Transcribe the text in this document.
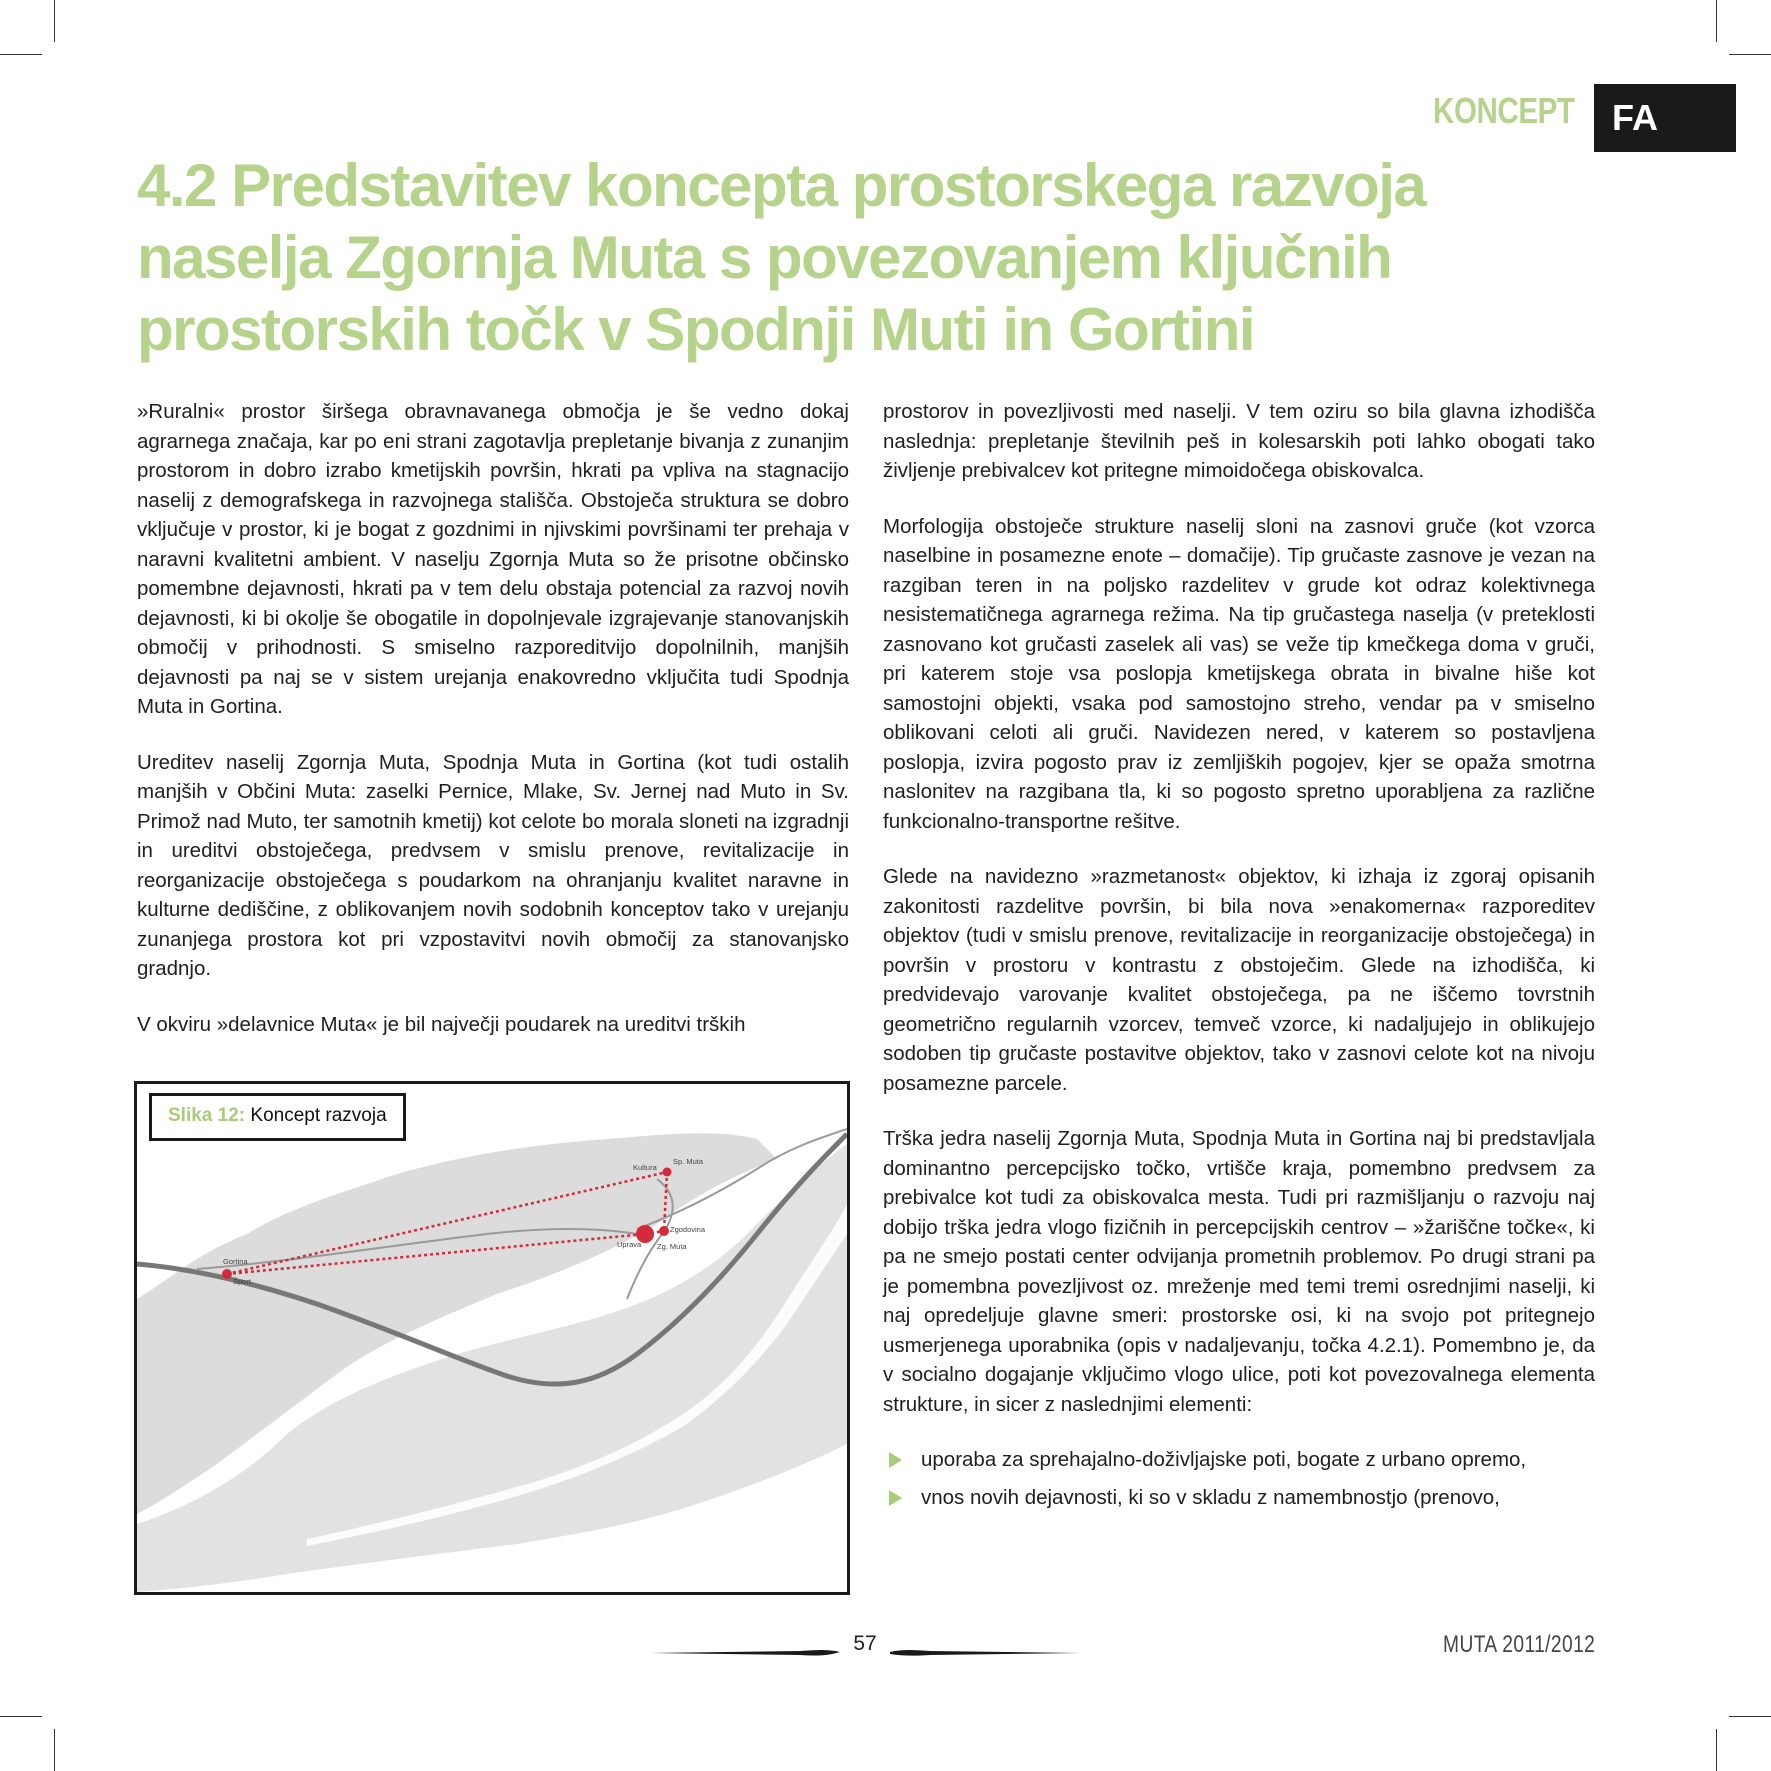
KONCEPT	FA
4.2 Predstavitev koncepta prostorskega razvoja naselja Zgornja Muta s povezovanjem ključnih prostorskih točk v Spodnji Muti in Gortini

»Ruralni« prostor širšega obravnavanega območja je še vedno dokaj agrarnega značaja, kar po eni strani zagotavlja prepletanje bivanja z zunanjim prostorom in dobro izrabo kmetijskih površin, hkrati pa vpliva na stagnacijo naselij z demografskega in razvojnega stališča. Obstoječa struktura se dobro vključuje v prostor, ki je bogat z gozdnimi in njivskimi površinami ter prehaja v naravni kvalitetni ambient. V naselju Zgornja Muta so že prisotne občinsko pomembne dejavnosti, hkrati pa v tem delu obstaja potencial za razvoj novih dejavnosti, ki bi okolje še obogatile in dopolnjevale izgrajevanje stanovanjskih območij v prihodnosti. S smiselno razporeditvijo dopolnilnih, manjših dejavnosti pa naj se v sistem urejanja enakovredno vključita tudi Spodnja Muta in Gortina.

Ureditev naselij Zgornja Muta, Spodnja Muta in Gortina (kot tudi ostalih manjših v Občini Muta: zaselki Pernice, Mlake, Sv. Jernej nad Muto in Sv. Primož nad Muto, ter samotnih kmetij) kot celote bo morala sloneti na izgradnji in ureditvi obstoječega, predvsem v smislu prenove, revitalizacije in reorganizacije obstoječega s poudarkom na ohranjanju kvalitet naravne in kulturne dediščine, z oblikovanjem novih sodobnih konceptov tako v urejanju zunanjega prostora kot pri vzpostavitvi novih območij za stanovanjsko gradnjo.

V okviru »delavnice Muta« je bil največji poudarek na ureditvi trških

Slika 12: Koncept razvoja
Kultura
Sp. Muta
Zgodovina
Uprava Zg. Muta
Gortina
Šport

prostorov in povezljivosti med naselji. V tem oziru so bila glavna izhodišča naslednja: prepletanje številnih peš in kolesarskih poti lahko obogati tako življenje prebivalcev kot pritegne mimoidočega obiskovalca.

Morfologija obstoječe strukture naselij sloni na zasnovi gruče (kot vzorca naselbine in posamezne enote – domačije). Tip gručaste zasnove je vezan na razgiban teren in na poljsko razdelitev v grude kot odraz kolektivnega nesistematičnega agrarnega režima. Na tip gručastega naselja (v preteklosti zasnovano kot gručasti zaselek ali vas) se veže tip kmečkega doma v gruči, pri katerem stoje vsa poslopja kmetijskega obrata in bivalne hiše kot samostojni objekti, vsaka pod samostojno streho, vendar pa v smiselno oblikovani celoti ali gruči. Navidezen nered, v katerem so postavljena poslopja, izvira pogosto prav iz zemljiških pogojev, kjer se opaža smotrna naslonitev na razgibana tla, ki so pogosto spretno uporabljena za različne funkcionalno-transportne rešitve.

Glede na navidezno »razmetanost« objektov, ki izhaja iz zgoraj opisanih zakonitosti razdelitve površin, bi bila nova »enakomerna« razporeditev objektov (tudi v smislu prenove, revitalizacije in reorganizacije obstoječega) in površin v prostoru v kontrastu z obstoječim. Glede na izhodišča, ki predvidevajo varovanje kvalitet obstoječega, pa ne iščemo tovrstnih geometrično regularnih vzorcev, temveč vzorce, ki nadaljujejo in oblikujejo sodoben tip gručaste postavitve objektov, tako v zasnovi celote kot na nivoju posamezne parcele.

Trška jedra naselij Zgornja Muta, Spodnja Muta in Gortina naj bi predstavljala dominantno percepcijsko točko, vrtišče kraja, pomembno predvsem za prebivalce kot tudi za obiskovalca mesta. Tudi pri razmišljanju o razvoju naj dobijo trška jedra vlogo fizičnih in percepcijskih centrov – »žariščne točke«, ki pa ne smejo postati center odvijanja prometnih problemov. Po drugi strani pa je pomembna povezljivost oz. mreženje med temi tremi osrednjimi naselji, ki naj opredeljuje glavne smeri: prostorske osi, ki na svojo pot pritegnejo usmerjenega uporabnika (opis v nadaljevanju, točka 4.2.1). Pomembno je, da v socialno dogajanje vključimo vlogo ulice, poti kot povezovalnega elementa strukture, in sicer z naslednjimi elementi:

uporaba za sprehajalno-doživljajske poti, bogate z urbano opremo,
vnos novih dejavnosti, ki so v skladu z namembnostjo (prenovo,
57	MUTA 2011/2012
